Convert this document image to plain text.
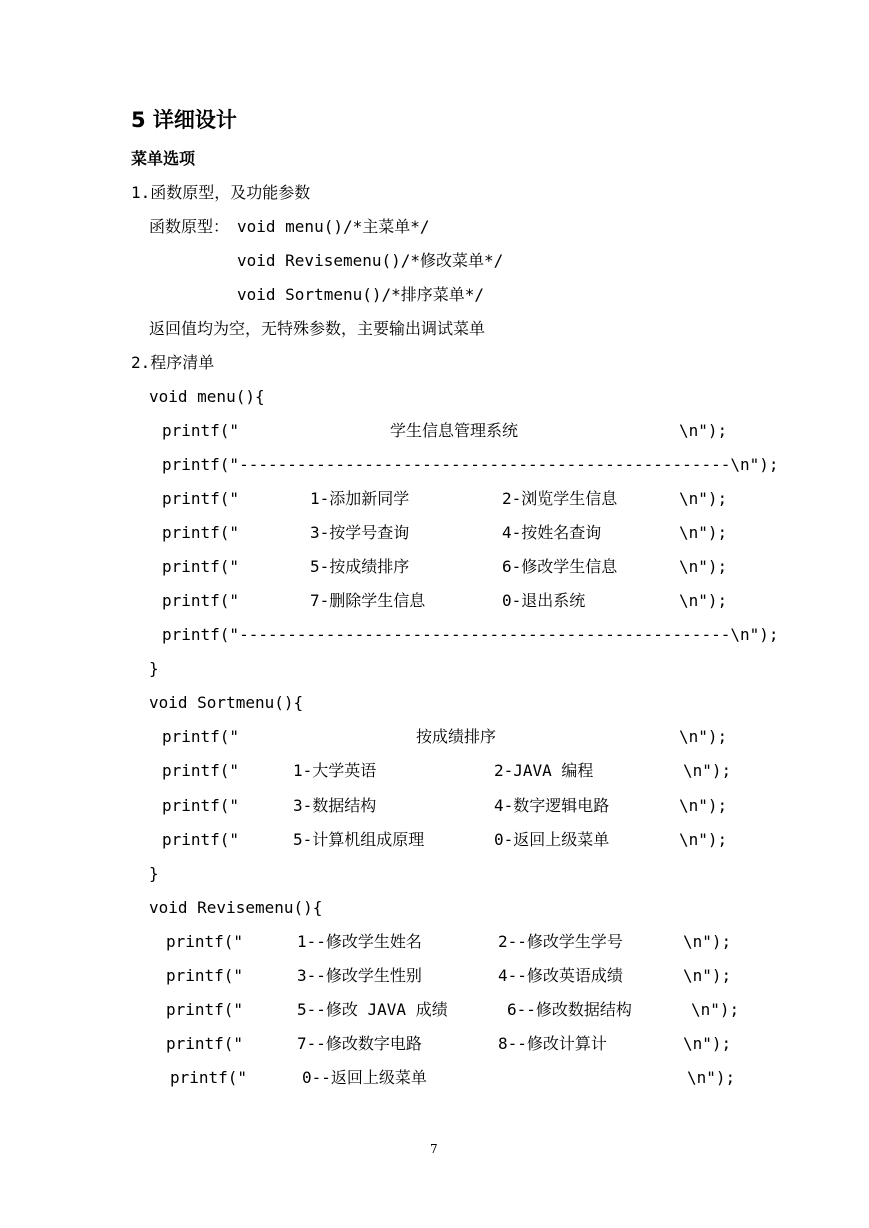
5 详细设计
菜单选项
1.函数原型，及功能参数
函数原型： void menu()/*主菜单*/
void Revisemenu()/*修改菜单*/
void Sortmenu()/*排序菜单*/
返回值均为空，无特殊参数，主要输出调试菜单
2.程序清单
void menu(){
printf("	学生信息管理系统	\n");
printf("---------------------------------------------------\n");
printf("	1-添加新同学	2-浏览学生信息	\n");
printf("	3-按学号查询	4-按姓名查询	\n");
printf("	5-按成绩排序	6-修改学生信息	\n");
printf("	7-删除学生信息	0-退出系统	\n");
printf("---------------------------------------------------\n");
}
void Sortmenu(){
printf("	按成绩排序	\n");
printf("	1-大学英语	2-JAVA 编程	\n");
printf("	3-数据结构	4-数字逻辑电路	\n");
printf("	5-计算机组成原理	0-返回上级菜单	\n");
}
void Revisemenu(){
printf("	1--修改学生姓名	2--修改学生学号	\n");
printf("	3--修改学生性别	4--修改英语成绩	\n");
printf("	5--修改 JAVA 成绩	6--修改数据结构	\n");
printf("	7--修改数字电路	8--修改计算计	\n");
printf("	0--返回上级菜单	\n");
7
